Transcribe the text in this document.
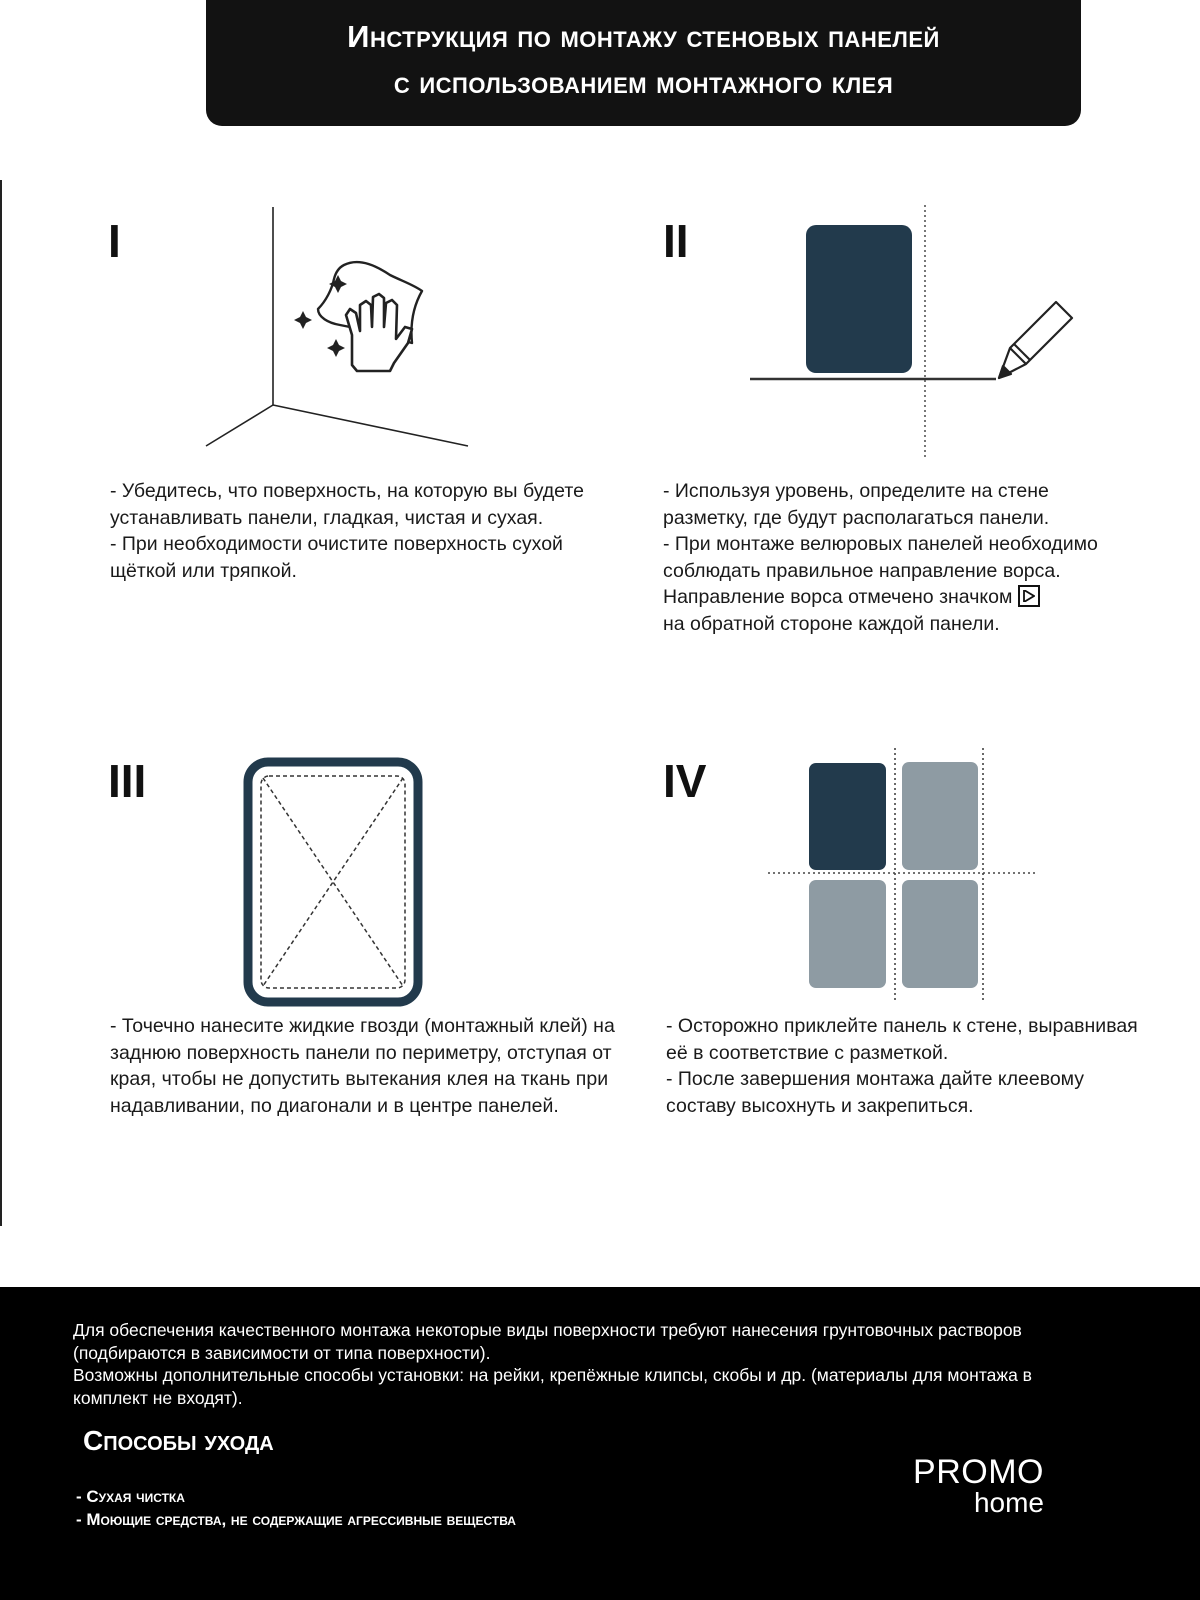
Инструкция по монтажу стеновых панелей
с использованием монтажного клея
I

- Убедитесь, что поверхность, на которую вы будете устанавливать панели, гладкая, чистая и сухая.

- При необходимости очистите поверхность сухой щёткой или тряпкой.

II

- Используя уровень, определите на стене разметку, где будут располагаться панели.

- При монтаже велюровых панелей необходимо соблюдать правильное направление ворса.

Направление ворса отмечено значком

на обратной стороне каждой панели.

III

- Точечно нанесите жидкие гвозди (монтажный клей) на заднюю поверхность панели по периметру, отступая от края, чтобы не допустить вытекания клея на ткань при надавливании, по диагонали и в центре панелей.

IV

- Осторожно приклейте панель к стене, выравнивая её в соответствие с разметкой.

- После завершения монтажа дайте клеевому составу высохнуть и закрепиться.

Для обеспечения качественного монтажа некоторые виды поверхности требуют нанесения грунтовочных растворов (подбираются в зависимости от типа поверхности).

Возможны дополнительные способы установки: на рейки, крепёжные клипсы, скобы и др. (материалы для монтажа в комплект не входят).

Способы ухода
- Сухая чистка
- Моющие средства, не содержащие агрессивные вещества
PROMO
home
